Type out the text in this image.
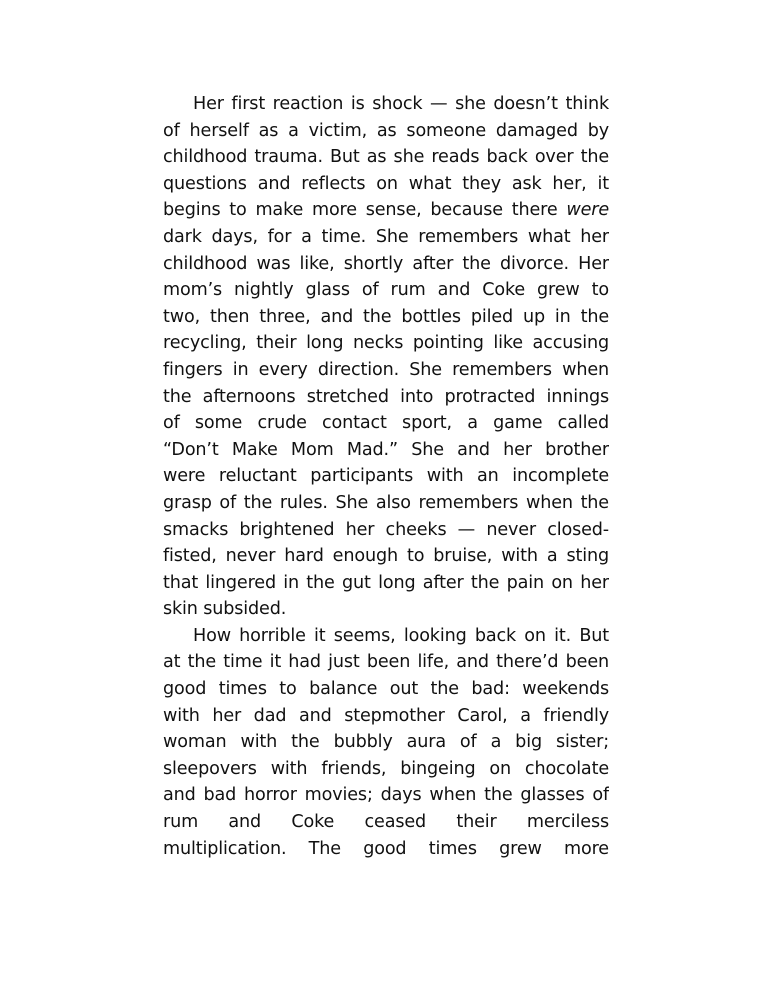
Her first reaction is shock — she doesn’t think
of herself as a victim, as someone damaged by
childhood trauma. But as she reads back over the
questions and reflects on what they ask her, it
begins to make more sense, because there were
dark days, for a time. She remembers what her
childhood was like, shortly after the divorce. Her
mom’s nightly glass of rum and Coke grew to
two, then three, and the bottles piled up in the
recycling, their long necks pointing like accusing
fingers in every direction. She remembers when
the afternoons stretched into protracted innings
of some crude contact sport, a game called
“Don’t Make Mom Mad.” She and her brother
were reluctant participants with an incomplete
grasp of the rules. She also remembers when the
smacks brightened her cheeks — never closed-
fisted, never hard enough to bruise, with a sting
that lingered in the gut long after the pain on her
skin subsided.
How horrible it seems, looking back on it. But
at the time it had just been life, and there’d been
good times to balance out the bad: weekends
with her dad and stepmother Carol, a friendly
woman with the bubbly aura of a big sister;
sleepovers with friends, bingeing on chocolate
and bad horror movies; days when the glasses of
rum and Coke ceased their merciless
multiplication. The good times grew more
